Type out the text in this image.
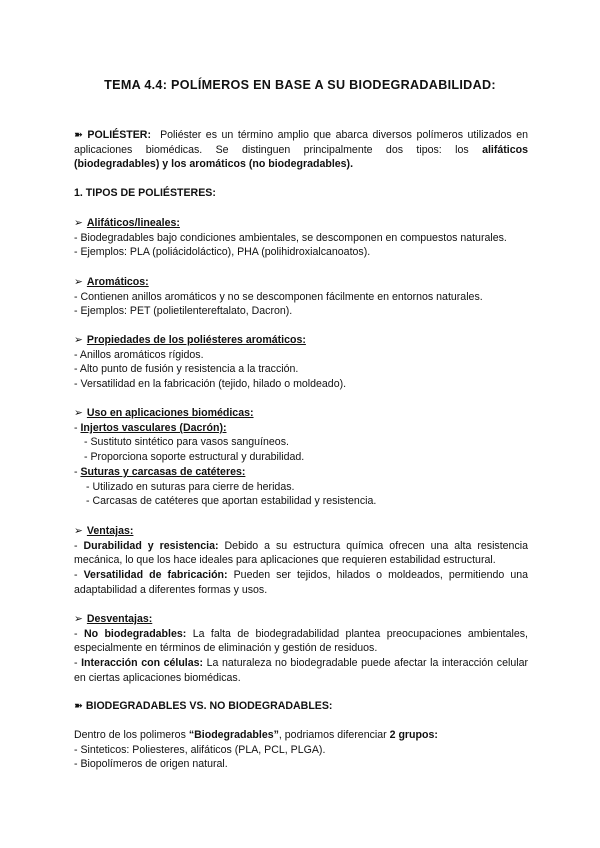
TEMA 4.4: POLÍMEROS EN BASE A SU BIODEGRADABILIDAD:
➽ POLIÉSTER: Poliéster es un término amplio que abarca diversos polímeros utilizados en aplicaciones biomédicas. Se distinguen principalmente dos tipos: los alifáticos (biodegradables) y los aromáticos (no biodegradables).
1. TIPOS DE POLIÉSTERES:
➢ Alifáticos/lineales:
- Biodegradables bajo condiciones ambientales, se descomponen en compuestos naturales.
- Ejemplos: PLA (poliácidoláctico), PHA (polihidroxialcanoatos).
➢ Aromáticos:
- Contienen anillos aromáticos y no se descomponen fácilmente en entornos naturales.
- Ejemplos: PET (polietilentereftalato, Dacron).
➢ Propiedades de los poliésteres aromáticos:
- Anillos aromáticos rígidos.
- Alto punto de fusión y resistencia a la tracción.
- Versatilidad en la fabricación (tejido, hilado o moldeado).
➢ Uso en aplicaciones biomédicas:
- Injertos vasculares (Dacrón):
- Sustituto sintético para vasos sanguíneos.
- Proporciona soporte estructural y durabilidad.
- Suturas y carcasas de catéteres:
- Utilizado en suturas para cierre de heridas.
- Carcasas de catéteres que aportan estabilidad y resistencia.
➢ Ventajas:

- Durabilidad y resistencia: Debido a su estructura química ofrecen una alta resistencia mecánica, lo que los hace ideales para aplicaciones que requieren estabilidad estructural.

- Versatilidad de fabricación: Pueden ser tejidos, hilados o moldeados, permitiendo una adaptabilidad a diferentes formas y usos.

➢ Desventajas:

- No biodegradables: La falta de biodegradabilidad plantea preocupaciones ambientales, especialmente en términos de eliminación y gestión de residuos.

- Interacción con células: La naturaleza no biodegradable puede afectar la interacción celular en ciertas aplicaciones biomédicas.

➽ BIODEGRADABLES VS. NO BIODEGRADABLES:
Dentro de los polimeros “Biodegradables”, podriamos diferenciar 2 grupos:
- Sinteticos: Poliesteres, alifáticos (PLA, PCL, PLGA).
- Biopolímeros de origen natural.
